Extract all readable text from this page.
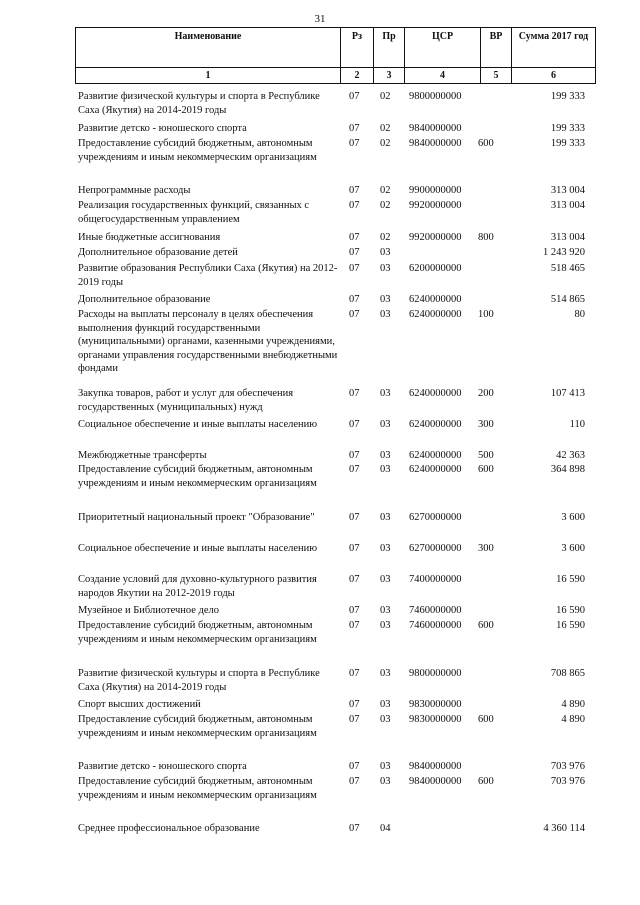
31
Наименование	Рз	Пр	ЦСР	ВР	Сумма 2017 год
1	2	3	4	5	6
Развитие физической культуры и спорта в Республике Саха (Якутия) на 2014-2019 годы
07 02 9800000000	199 333
Развитие детско - юношеского спорта	07 02 9840000000	199 333
Предоставление субсидий бюджетным, автономным учреждениям и иным некоммерческим организациям
07 02 9840000000 600	199 333
Непрограммные расходы	07 02 9900000000	313 004
Реализация государственных функций, связанных с общегосударственным управлением
07 02 9920000000	313 004
Иные бюджетные ассигнования	07 02 9920000000 800	313 004
Дополнительное образование детей	07 03	1 243 920
Развитие образования Республики Саха (Якутия) на 2012-2019 годы
07 03 6200000000	518 465
Дополнительное образование	07 03 6240000000	514 865
Расходы на выплаты персоналу в целях обеспечения выполнения функций государственными (муниципальными) органами, казенными учреждениями, органами управления государственными внебюджетными фондами
07 03 6240000000 100	80
Закупка товаров, работ и услуг для обеспечения государственных (муниципальных) нужд
07 03 6240000000 200	107 413
Социальное обеспечение и иные выплаты населению	07 03 6240000000 300	110
Межбюджетные трансферты	07 03 6240000000 500	42 363
Предоставление субсидий бюджетным, автономным учреждениям и иным некоммерческим организациям
07 03 6240000000 600	364 898
Приоритетный национальный проект "Образование"	07 03 6270000000	3 600
Социальное обеспечение и иные выплаты населению	07 03 6270000000 300	3 600
Создание условий для духовно-культурного развития народов Якутии на 2012-2019 годы
07 03 7400000000	16 590
Музейное и Библиотечное дело	07 03 7460000000	16 590
Предоставление субсидий бюджетным, автономным учреждениям и иным некоммерческим организациям
07 03 7460000000 600	16 590
Развитие физической культуры и спорта в Республике Саха (Якутия) на 2014-2019 годы
07 03 9800000000	708 865
Спорт высших достижений	07 03 9830000000	4 890
Предоставление субсидий бюджетным, автономным учреждениям и иным некоммерческим организациям
07 03 9830000000 600	4 890
Развитие детско - юношеского спорта	07 03 9840000000	703 976
Предоставление субсидий бюджетным, автономным учреждениям и иным некоммерческим организациям
07 03 9840000000 600	703 976
Среднее профессиональное образование	07 04	4 360 114
